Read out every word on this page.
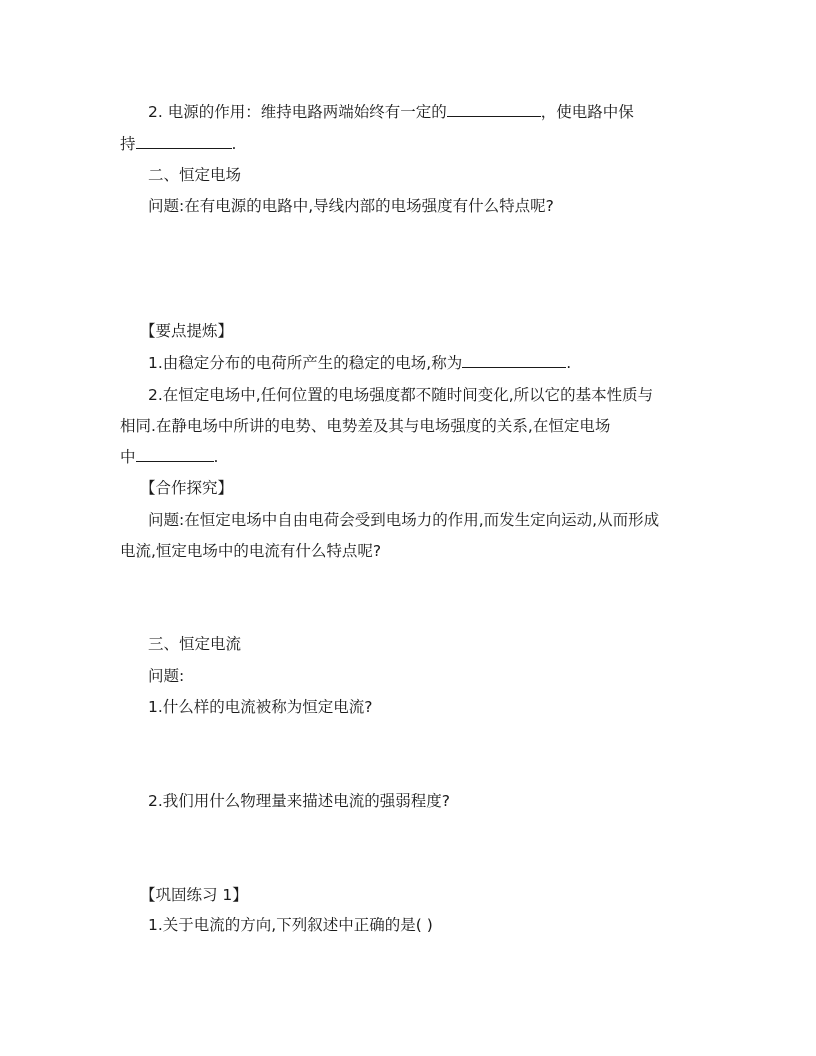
2. 电源的作用：维持电路两端始终有一定的	，使电路中保
持	.
二、恒定电场
问题:在有电源的电路中,导线内部的电场强度有什么特点呢?
【要点提炼】
1.由稳定分布的电荷所产生的稳定的电场,称为	.
2.在恒定电场中,任何位置的电场强度都不随时间变化,所以它的基本性质与
相同.在静电场中所讲的电势、电势差及其与电场强度的关系,在恒定电场
中	.
【合作探究】
问题:在恒定电场中自由电荷会受到电场力的作用,而发生定向运动,从而形成
电流,恒定电场中的电流有什么特点呢?
三、恒定电流
问题:
1.什么样的电流被称为恒定电流?
2.我们用什么物理量来描述电流的强弱程度?
【巩固练习 1】
1.关于电流的方向,下列叙述中正确的是( )
